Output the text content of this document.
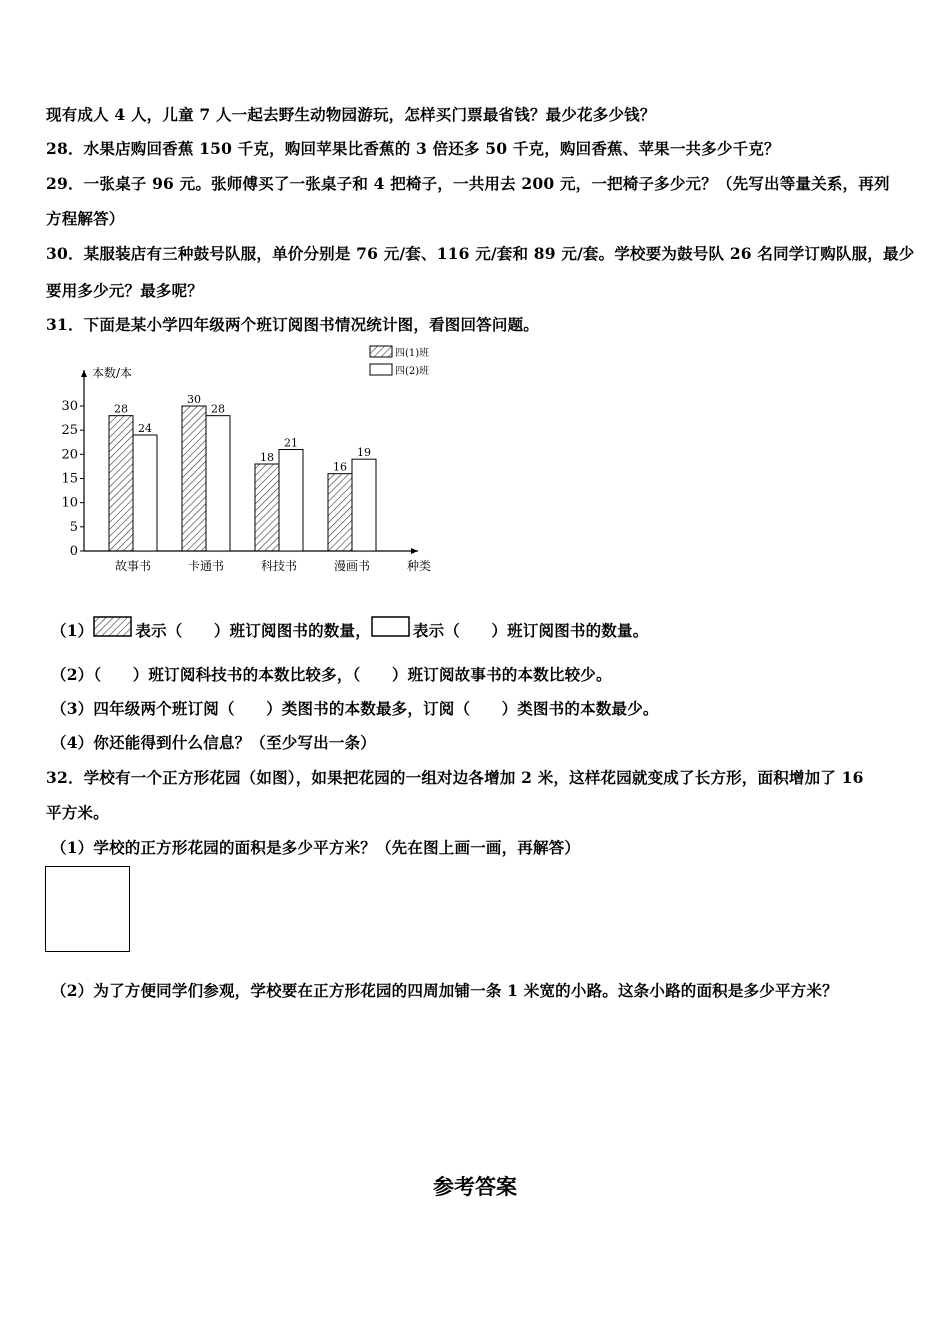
现有成人 4 人，儿童 7 人一起去野生动物园游玩，怎样买门票最省钱？最少花多少钱？
28．水果店购回香蕉 150 千克，购回苹果比香蕉的 3 倍还多 50 千克，购回香蕉、苹果一共多少千克？
29．一张桌子 96 元。张师傅买了一张桌子和 4 把椅子，一共用去 200 元，一把椅子多少元？（先写出等量关系，再列
方程解答）
30．某服装店有三种鼓号队服，单价分别是 76 元/套、116 元/套和 89 元/套。学校要为鼓号队 26 名同学订购队服，最少
要用多少元？最多呢？
31．下面是某小学四年级两个班订阅图书情况统计图，看图回答问题。
本数/本
种类
0
5
10
15
20
25
30	28
24
故事书
30
28
卡通书
18
21
科技书
16
19
漫画书
四(1)班
四(2)班
（1）	表示（　　）班订阅图书的数量，	表示（　　）班订阅图书的数量。
（2）（　　）班订阅科技书的本数比较多，（　　）班订阅故事书的本数比较少。
（3）四年级两个班订阅（　　）类图书的本数最多，订阅（　　）类图书的本数最少。
（4）你还能得到什么信息？（至少写出一条）
32．学校有一个正方形花园（如图），如果把花园的一组对边各增加 2 米，这样花园就变成了长方形，面积增加了 16
平方米。
（1）学校的正方形花园的面积是多少平方米？（先在图上画一画，再解答）
（2）为了方便同学们参观，学校要在正方形花园的四周加铺一条 1 米宽的小路。这条小路的面积是多少平方米？
参考答案
